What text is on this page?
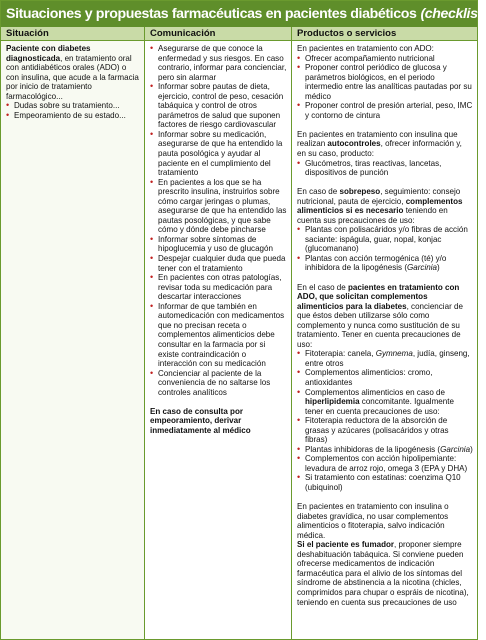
Situaciones y propuestas farmacéuticas en pacientes diabéticos (checklist)
Situación	Comunicación	Productos o servicios

Paciente con diabetes diagnosticada, en tratamiento oral con antidiabéticos orales (ADO) o con insulina, que acude a la farmacia por inicio de tratamiento farmacológico...

• Dudas sobre su tratamiento...
• Empeoramiento de su estado...
• Asegurarse de que conoce la enfermedad y sus riesgos. En caso contrario, informar para concienciar, pero sin alarmar
• Informar sobre pautas de dieta, ejercicio, control de peso, cesación tabáquica y control de otros parámetros de salud que suponen factores de riesgo cardiovascular
• Informar sobre su medicación, asegurarse de que ha entendido la pauta posológica y ayudar al paciente en el cumplimiento del tratamiento
• En pacientes a los que se ha prescrito insulina, instruirlos sobre cómo cargar jeringas o plumas, asegurarse de que ha entendido las pautas posológicas, y que sabe cómo y dónde debe pincharse
• Informar sobre síntomas de hipoglucemia y uso de glucagón
• Despejar cualquier duda que pueda tener con el tratamiento
• En pacientes con otras patologías, revisar toda su medicación para descartar interacciones
• Informar de que también en automedicación con medicamentos que no precisan receta o complementos alimenticios debe consultar en la farmacia por si existe contraindicación o interacción con su medicación
• Concienciar al paciente de la conveniencia de no saltarse los controles analíticos

En caso de consulta por empeoramiento, derivar inmediatamente al médico

En pacientes en tratamiento con ADO:

• Ofrecer acompañamiento nutricional
• Proponer control periódico de glucosa y parámetros biológicos, en el periodo intermedio entre las analíticas pautadas por su médico
• Proponer control de presión arterial, peso, IMC y contorno de cintura

En pacientes en tratamiento con insulina que realizan autocontroles, ofrecer información y, en su caso, producto:

• Glucómetros, tiras reactivas, lancetas, dispositivos de punción

En caso de sobrepeso, seguimiento: consejo nutricional, pauta de ejercicio, complementos alimenticios si es necesario teniendo en cuenta sus precauciones de uso:

• Plantas con polisacáridos y/o fibras de acción saciante: ispágula, guar, nopal, konjac (glucomanano)
• Plantas con acción termogénica (té) y/o inhibidora de la lipogénesis (Garcinia)

En el caso de pacientes en tratamiento con ADO, que solicitan complementos alimenticios para la diabetes, concienciar de que éstos deben utilizarse sólo como complemento y nunca como sustitución de su tratamiento. Tener en cuenta precauciones de uso:

• Fitoterapia: canela, Gymnema, judía, ginseng, entre otros
• Complementos alimenticios: cromo, antioxidantes
• Complementos alimenticios en caso de hiperlipidemia concomitante. Igualmente tener en cuenta precauciones de uso:
• Fitoterapia reductora de la absorción de grasas y azúcares (polisacáridos y otras fibras)
• Plantas inhibidoras de la lipogénesis (Garcinia)
• Complementos con acción hipolipemiante: levadura de arroz rojo, omega 3 (EPA y DHA)
• Si tratamiento con estatinas: coenzima Q10 (ubiquinol)

En pacientes en tratamiento con insulina o diabetes gravídica, no usar complementos alimenticios o fitoterapia, salvo indicación médica.

Si el paciente es fumador, proponer siempre deshabituación tabáquica. Si conviene pueden ofrecerse medicamentos de indicación farmacéutica para el alivio de los síntomas del síndrome de abstinencia a la nicotina (chicles, comprimidos para chupar o espráis de nicotina), teniendo en cuenta sus precauciones de uso
